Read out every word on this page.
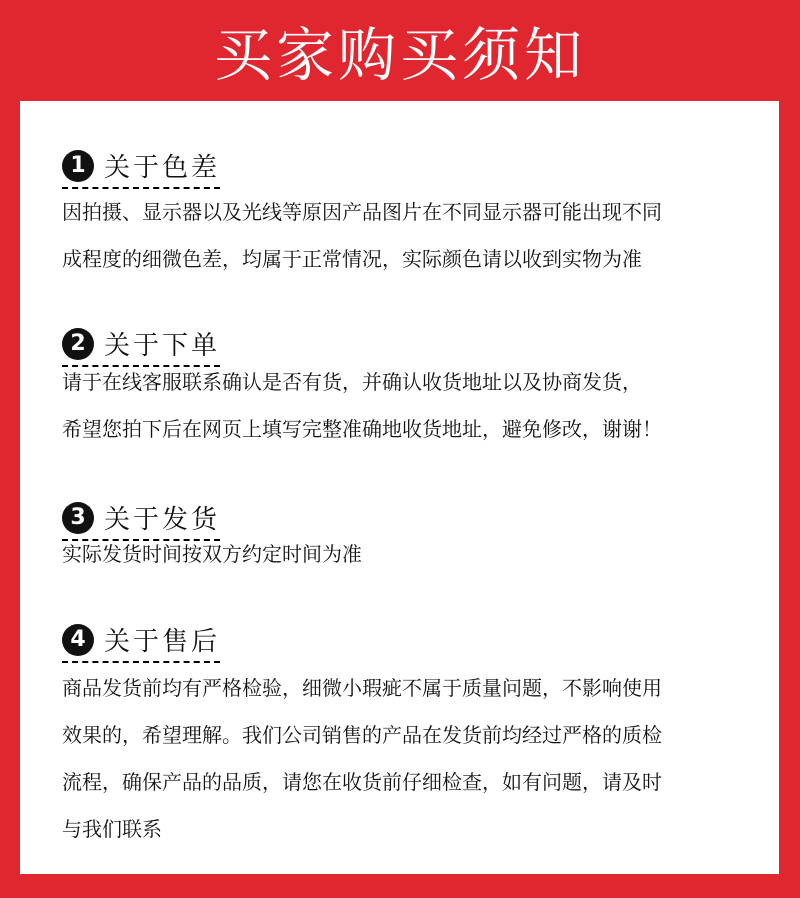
买家购买须知
1 关于色差

因拍摄、显示器以及光线等原因产品图片在不同显示器可能出现不同

成程度的细微色差，均属于正常情况，实际颜色请以收到实物为准

2 关于下单

请于在线客服联系确认是否有货，并确认收货地址以及协商发货，

希望您拍下后在网页上填写完整准确地收货地址，避免修改，谢谢！

3 关于发货

实际发货时间按双方约定时间为准

4 关于售后

商品发货前均有严格检验，细微小瑕疵不属于质量问题，不影响使用

效果的，希望理解。我们公司销售的产品在发货前均经过严格的质检

流程，确保产品的品质，请您在收货前仔细检查，如有问题，请及时

与我们联系
